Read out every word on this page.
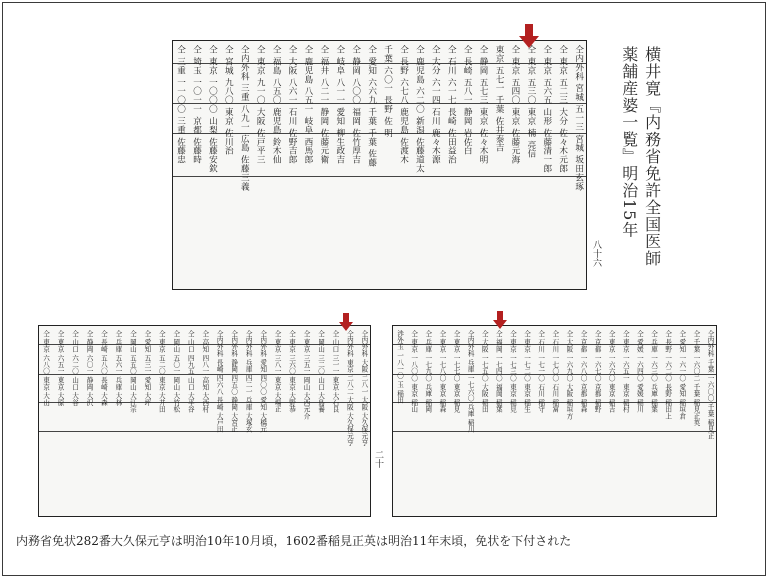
仝内外科 宮城 五一三 宮城 坂田玄琢
仝 東京 五二三 大分 佐々木元郎
仝 東京 五六五 山形 佐藤清一郎
仝 東京 五三〇 東京 楠 亮信
仝 東京 五四〇 東京 佐藤元海
東京 五七一 千葉 佐井泰吉
仝 静岡 五七三 東京 佐々木明
仝 長崎 五八一 静岡 岩佐白
仝 石川 六一七 長崎 佐田益治
仝 大分 六一四 石川 鹿々木源
仝 鹿児島 六二〇 新潟 佐藤道太
仝 長野 六七八 鹿児島 佐渡木
千葉 六〇一 長野 佐 明
仝 愛知 六六九 千葉 千葉 佐藤
仝 静岡 八〇〇 福岡 佐竹厚吉
仝 岐阜 八一一 愛知 柳生政吉
仝 福井 八二一 静岡 佐藤元衛
仝 鹿児島 八五一 岐阜 西馬郎
仝 大阪 八六一 石川 佐野吉郎
仝 福島 八五〇 鹿児島 鈴木仙
仝 東京 九一〇 大阪 佐戸平三
仝内外科 三重 八九一 広島 佐藤三義
仝 宮城 九八〇 東京 佐川治
仝 東京 一〇〇〇 山梨 佐藤安欽
仝 埼玉 一〇一一 京都 佐藤時
仝 三重 一一〇〇 三重 佐藤忠
八十六
仝内外科 大阪 二八一 大阪 大久保元亨
仝内外科 東京 二八二 大阪 大久保元亨
仝 山口 三一一 東京 大石良
仝 岡山 三二〇 山口 大島養
仝 東京 三五一 岡山 大西元介
仝 東京 三六〇 東京 大野恭
仝 東京 三八一 東京 大場正
仝内外科 愛知 四〇〇 愛知 大橋元
仝内外科 兵庫 四二一 兵庫 大塚玄
仝内外科 静岡 四五〇 静岡 大宮正
仝内外科 長崎 四六八 長崎 大戸田
仝 高知 四八一 高知 大西村
仝 山口 四九五 山口 大平谷
仝 岡山 五〇一 岡山 大竹松
仝 東京 五二〇 東京 大井田
仝 愛知 五三一 愛知 大坪
仝 岡山 五五〇 岡山 大江宗
仝 兵庫 五六一 兵庫 大林
仝 長崎 五八〇 長崎 大森
仝 静岡 六〇一 静岡 大沢
仝 山口 六二〇 山口 大谷
仝 東京 六五一 東京 大原
仝 東京 六八〇 東京 大山
二十
仝内外科 千葉 一六〇〇 千葉 稲見正
仝 千葉 一六〇二 千葉 稲見正英
仝 愛知 一六一〇 愛知 稲垣倉
仝 長野 一六二〇 長野 稲田上
仝 兵庫 一六三〇 兵庫 稲葉
仝 愛媛 一六四〇 愛媛 稲川
仝 東京 一六五一 東京 稲村
仝 東京 一六六〇 東京 稲吉
仝 京都 一六七〇 京都 稲野
仝 京都 一六八〇 京都 稲森
仝 大阪 一六九〇 大阪 稲垣方
仝 石川 一七〇〇 石川 稲富
仝 石川 一七一〇 石川 稲守
仝 東京 一七二〇 東京 稲生
仝 東京 一七三〇 東京 稲見
仝 福岡 一七四〇 福岡 稲葉
仝 大阪 一七五〇 大阪 稲田
仝内外科 兵庫 一七六〇 兵庫 稲川
仝 東京 一七七〇 東京 稲見
仝 東京 一七八〇 東京 稲森
仝 兵庫 一七九〇 兵庫 稲岡
仝 東京 一八〇〇 東京 稲山
渉外玉 一八一〇 玉 稲田
横井寛『内務省免許全国医師
薬舗産婆一覧』明治15年
内務省免状282番大久保元亨は明治10年10月頃，1602番稲見正英は明治11年末頃，免状を下付された
